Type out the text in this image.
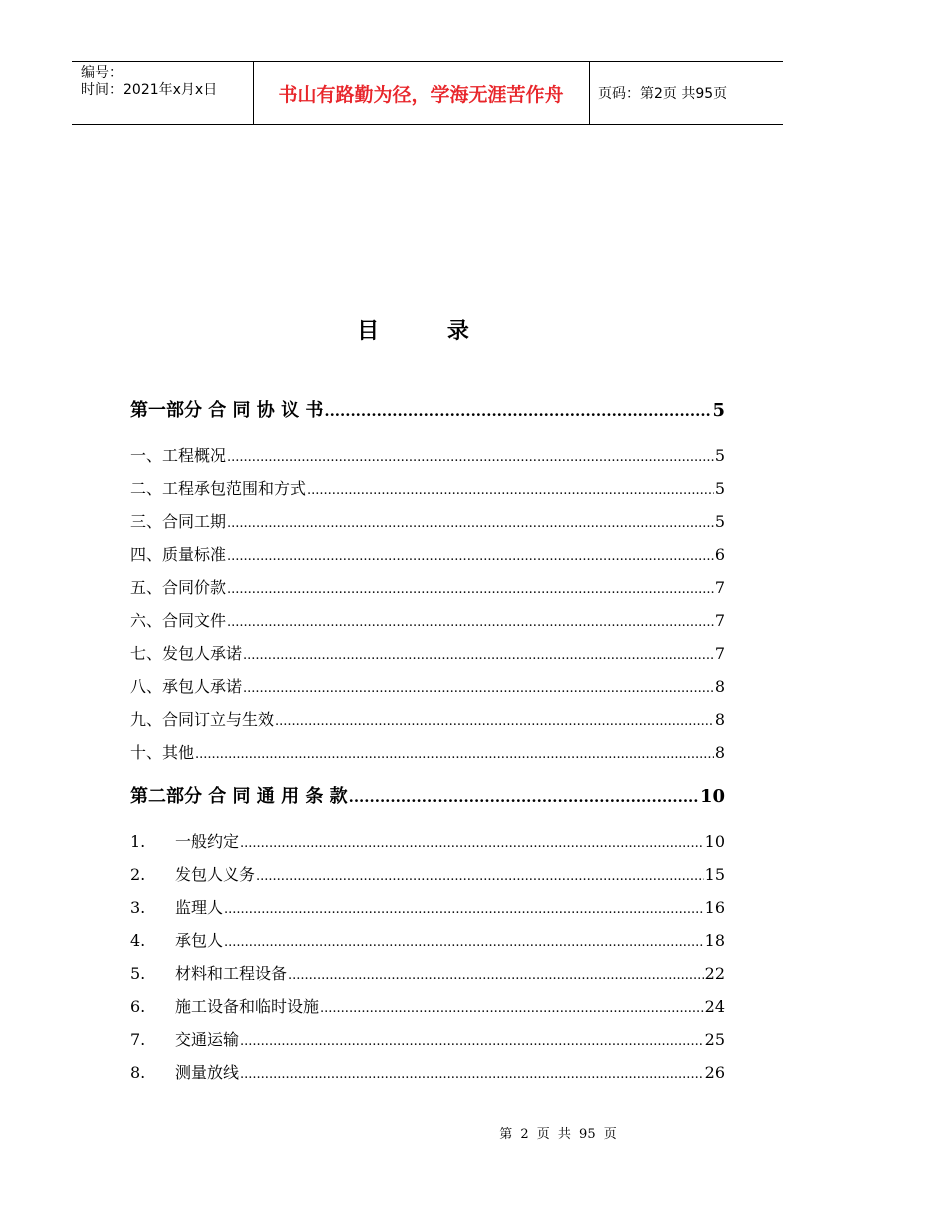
编号：
时间：2021年x月x日	书山有路勤为径，学海无涯苦作舟 页码：第2页 共95页
目 录
第一部分 合 同 协 议 书 .....	5
一、工程概况 .....	5
二、工程承包范围和方式 .....	5
三、合同工期 .....	5
四、质量标准 .....	6
五、合同价款 .....	7
六、合同文件 .....	7
七、发包人承诺 .....	7
八、承包人承诺 .....	8
九、合同订立与生效 .....	8
十、其他 .....	8
第二部分 合 同 通 用 条 款 .....	10
1. 一般约定 .....	10
2. 发包人义务 .....	15
3. 监理人 .....	16
4. 承包人 .....	18
5. 材料和工程设备 .....	22
6. 施工设备和临时设施 .....	24
7. 交通运输 .....	25
8. 测量放线 .....	26
第 2 页 共 95 页
